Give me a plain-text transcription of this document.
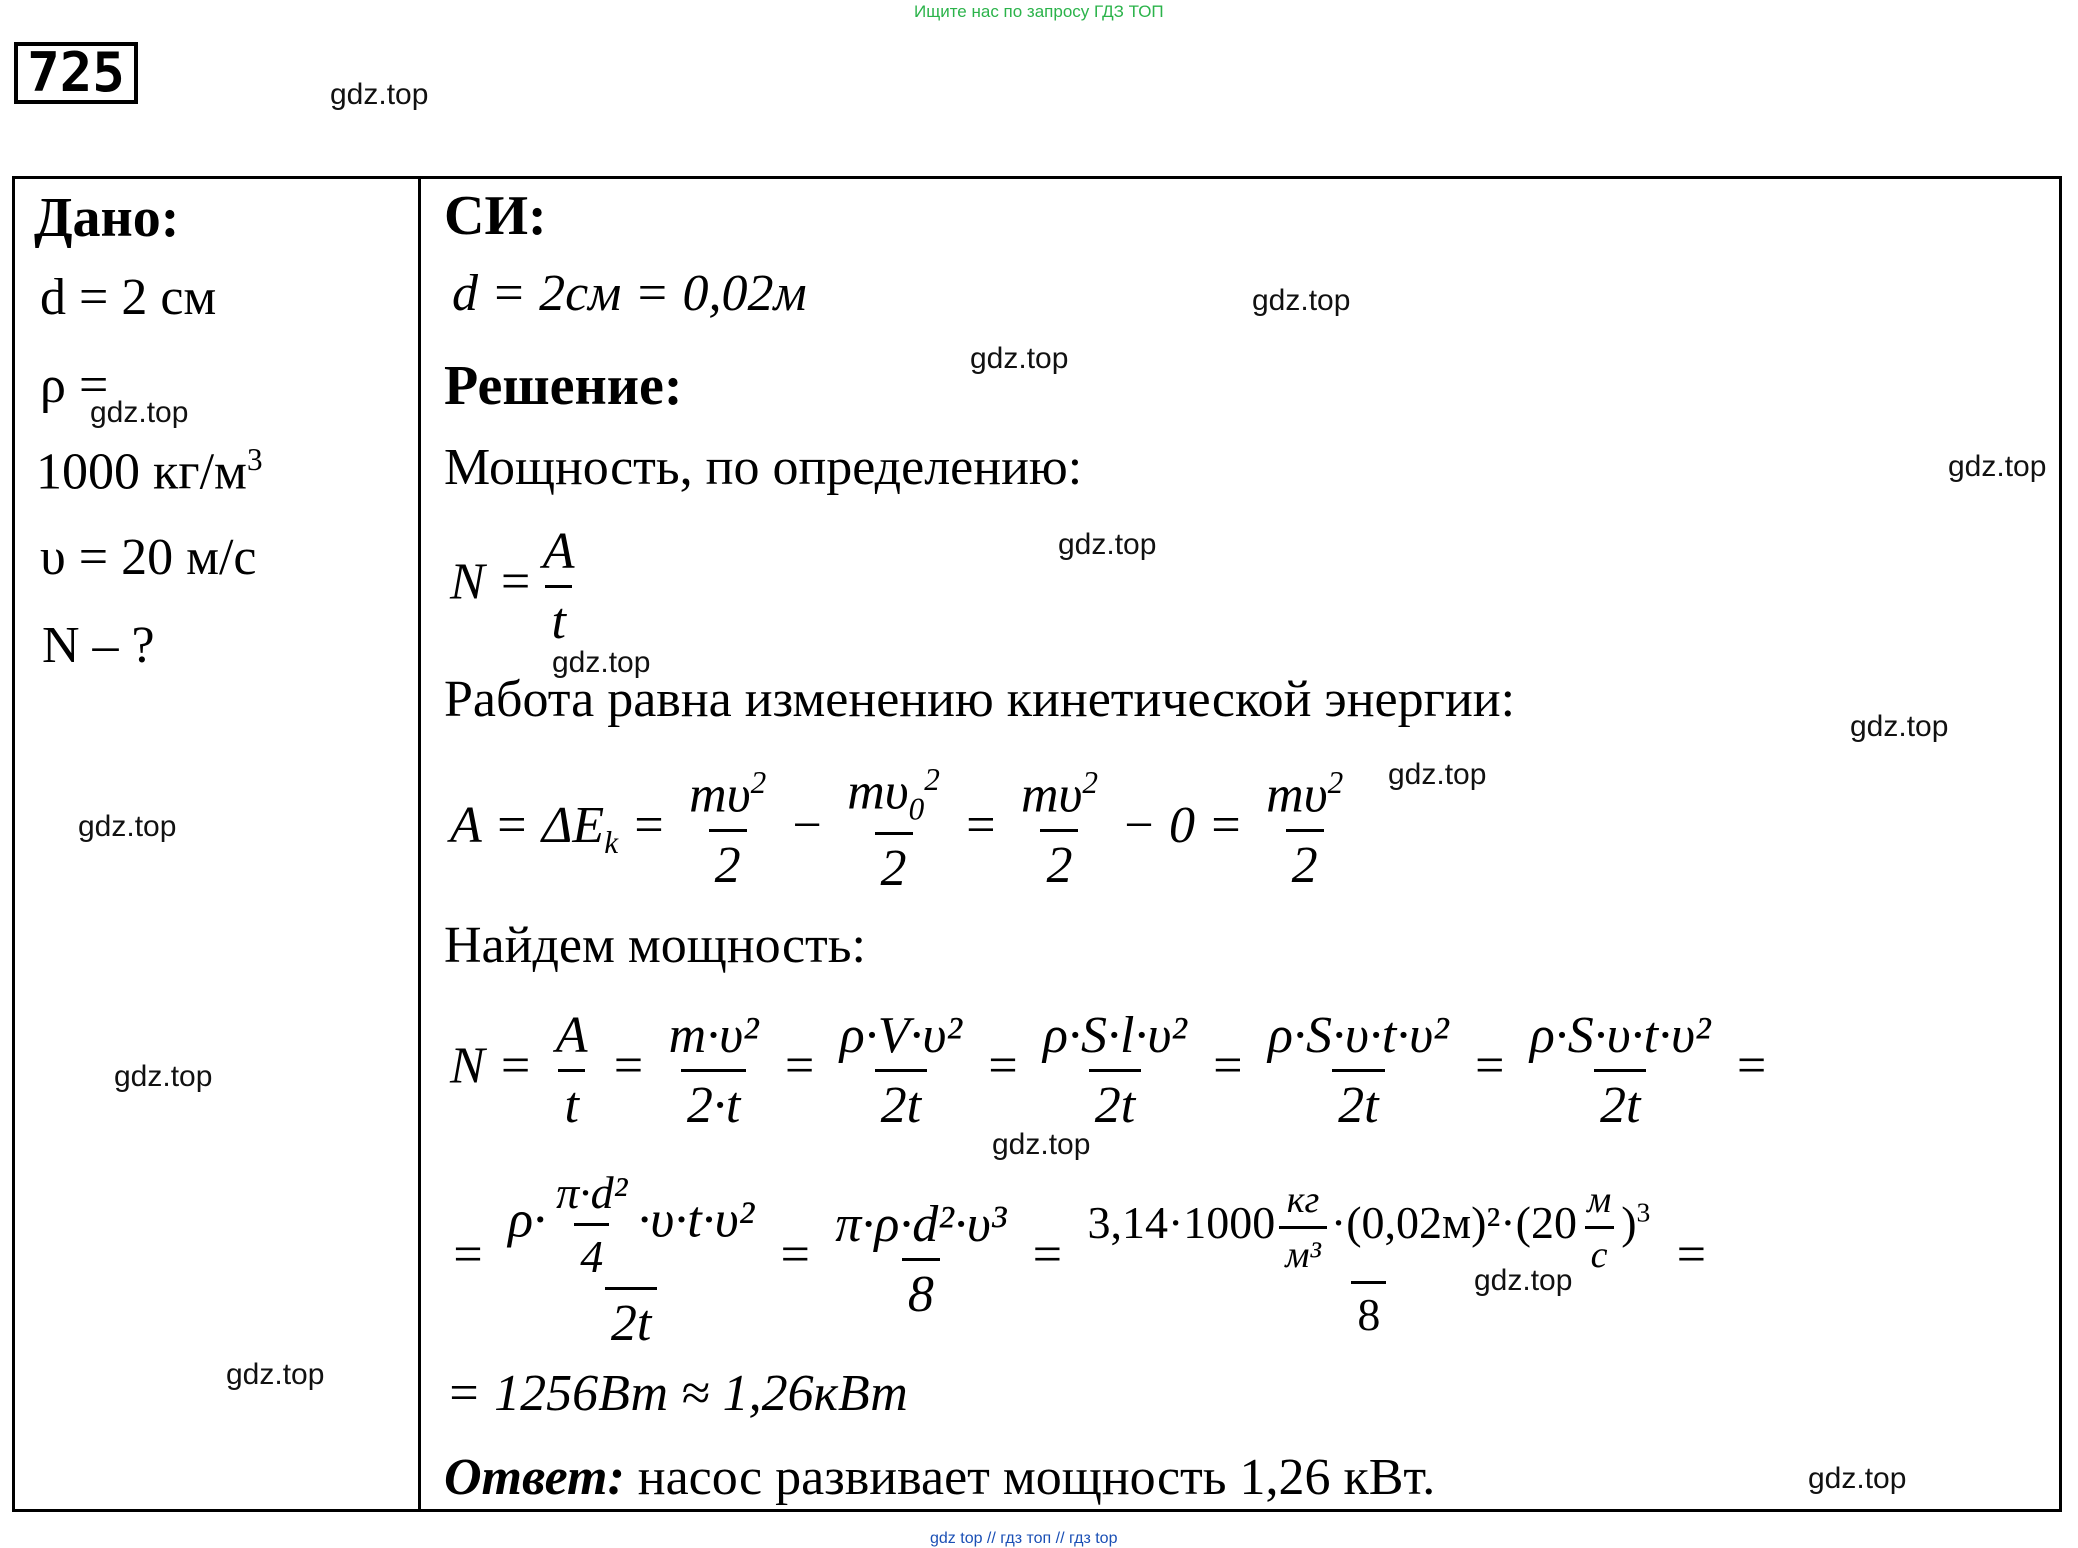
Ищите нас по запросу ГДЗ ТОП
725	gdz.top
Дано:
d = 2 см
ρ =
gdz.top
1000 $кг/м^3$
υ = 20 м/с
N – ?
gdz.top
gdz.top
gdz.top
СИ:
d = 2см = 0,02м	gdz.top
gdz.top
Решение:
Мощность, по определению:	gdz.top
$N = \frac{A}{t}$	gdz.top
gdz.top
Работа равна изменению кинетической энергии:	gdz.top
gdz.top
$A = \Delta E_k = \frac{m\upsilon^2}{2} - \frac{m\upsilon_0^2}{2} = \frac{m\upsilon^2}{2} - 0 = \frac{m\upsilon^2}{2}$
Найдем мощность:
$N = \frac{A}{t} = \frac{\text{m·υ²}}{2\cdot t} = \frac{\text{ρ·V·υ²}}{2t} = \frac{\text{ρ·S·l·υ²}}{2t} = \frac{\text{ρ·S·υ·t·υ²}}{2t} = \frac{\text{ρ·S·υ·t·υ²}}{2t}$ =
gdz.top
= $\frac{\rho\cdot \frac{\text{π·d²}}{4} \cdot\upsilon\cdot t\cdot\upsilon^2}{2t} = \frac{\text{π·ρ·d²·υ³}}{8} = \frac{3,14\cdot 1000 \frac{кг}{\text{м³}} \cdot(0,02м)^2\cdot(20 \frac{м}{с} )^3}{8}$ =
gdz.top
= 1256Вт ≈ 1,26кВт
Ответ: насос развивает мощность 1,26 кВт.	gdz.top
gdz top // гдз топ // гдз top
